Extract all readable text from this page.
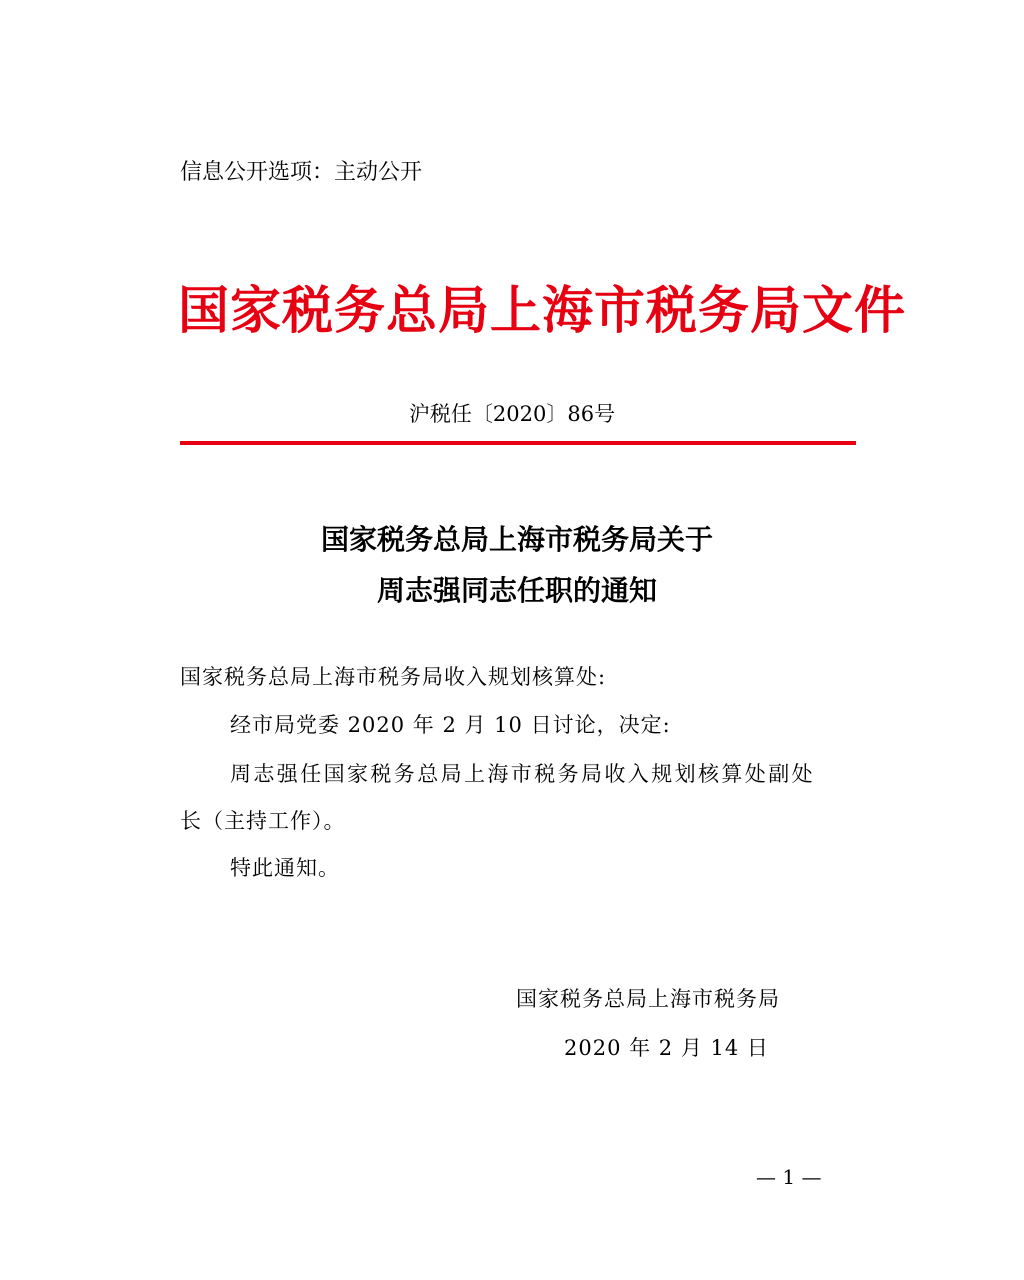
信息公开选项：主动公开
国家税务总局上海市税务局文件
沪税任〔2020〕86号
国家税务总局上海市税务局关于
周志强同志任职的通知
国家税务总局上海市税务局收入规划核算处:
经市局党委 2020 年 2 月 10 日讨论，决定:
周志强任国家税务总局上海市税务局收入规划核算处副处
长（主持工作）。
特此通知。
国家税务总局上海市税务局
2020 年 2 月 14 日
— 1 —
